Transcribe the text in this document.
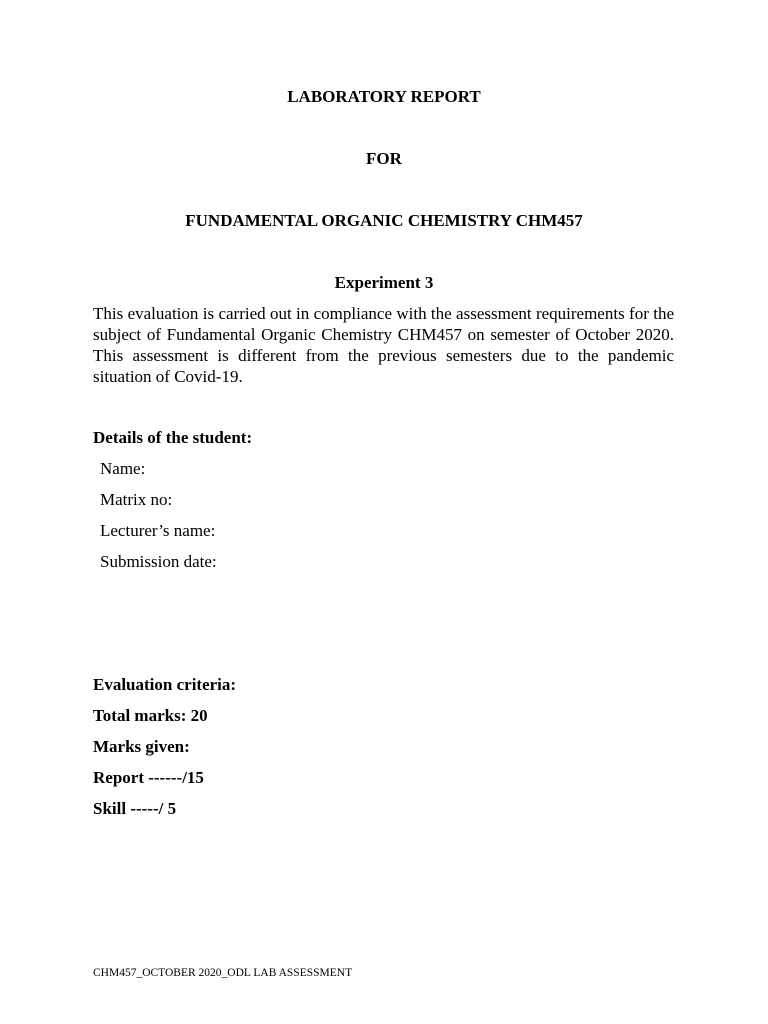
LABORATORY REPORT
FOR
FUNDAMENTAL ORGANIC CHEMISTRY CHM457
Experiment 3
This evaluation is carried out in compliance with the assessment requirements for the subject of Fundamental Organic Chemistry CHM457 on semester of October 2020. This assessment is different from the previous semesters due to the pandemic situation of Covid-19.
Details of the student:
Name:
Matrix no:
Lecturer’s name:
Submission date:
Evaluation criteria:
Total marks: 20
Marks given:
Report ------/15
Skill -----/ 5
CHM457_OCTOBER 2020_ODL LAB ASSESSMENT
